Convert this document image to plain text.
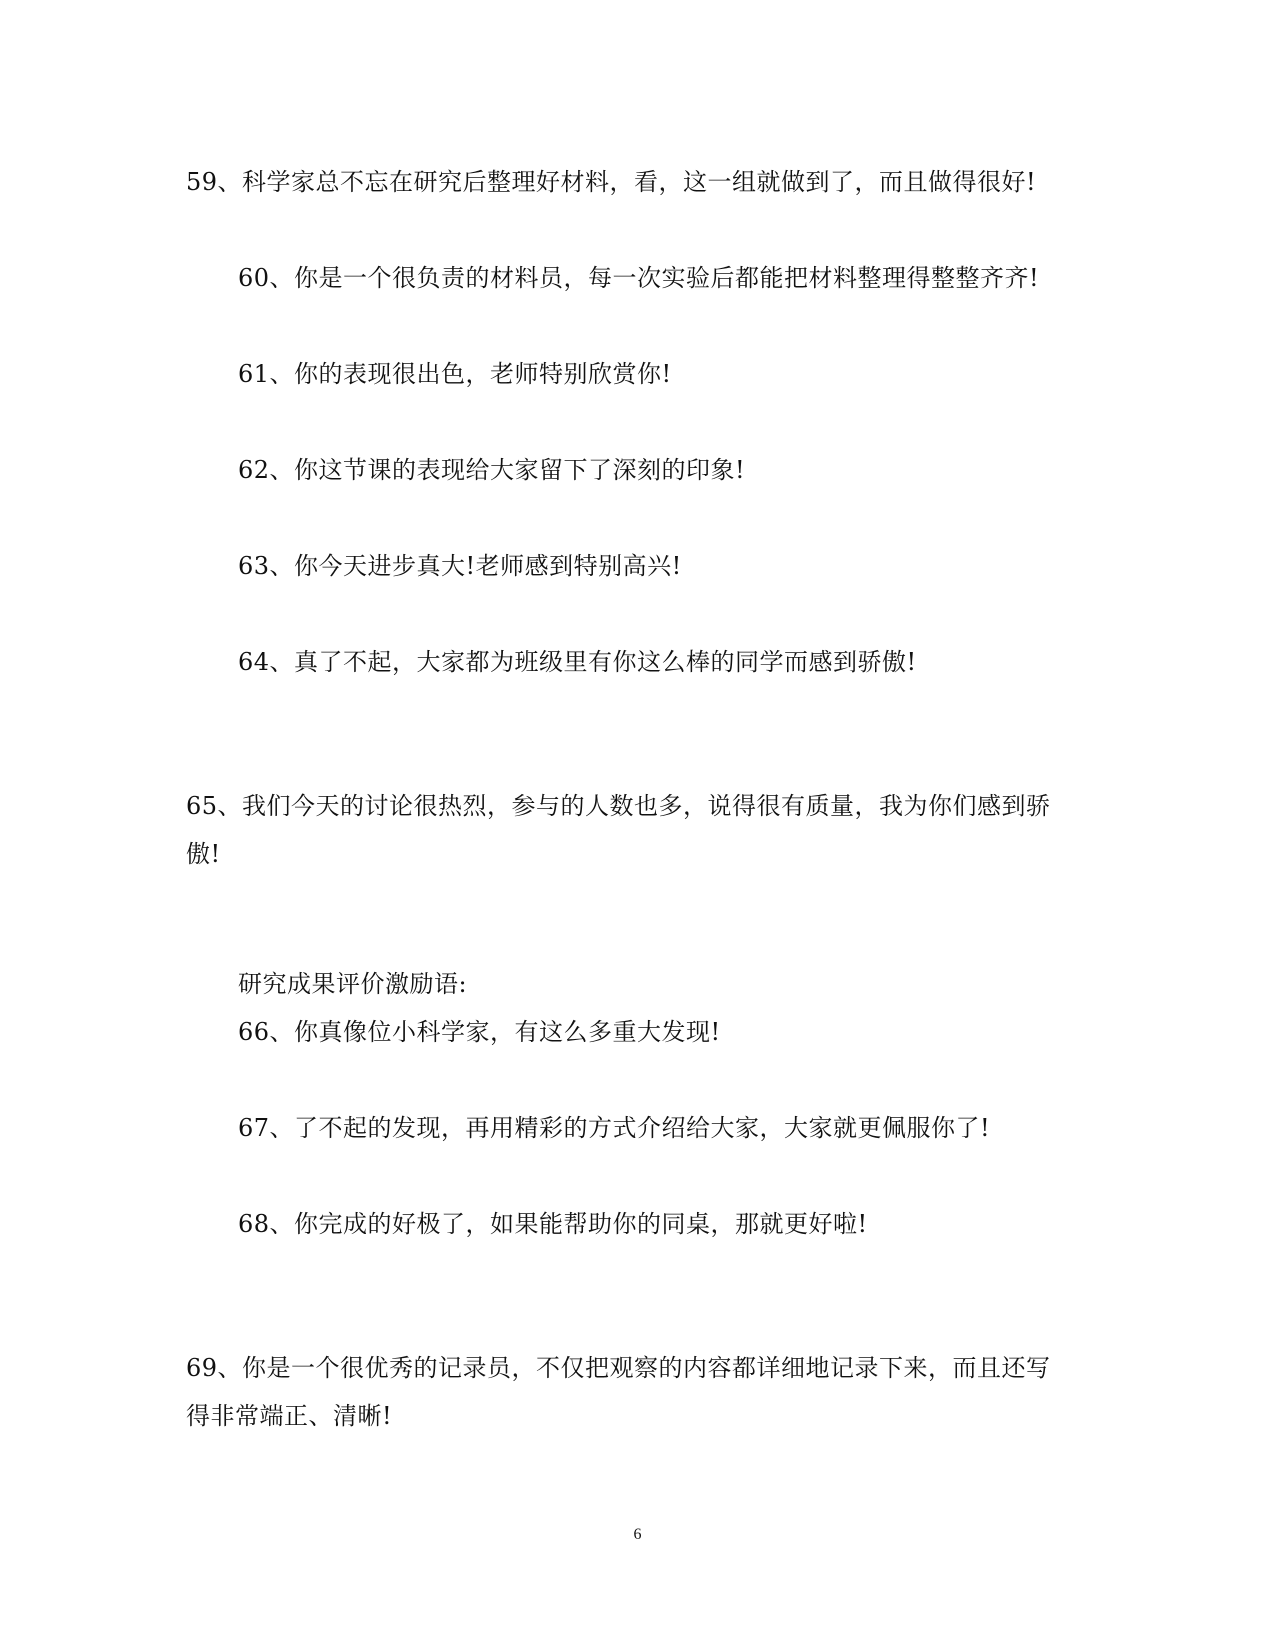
59、科学家总不忘在研究后整理好材料，看，这一组就做到了，而且做得很好!
60、你是一个很负责的材料员，每一次实验后都能把材料整理得整整齐齐!
61、你的表现很出色，老师特别欣赏你!
62、你这节课的表现给大家留下了深刻的印象!
63、你今天进步真大!老师感到特别高兴!
64、真了不起，大家都为班级里有你这么棒的同学而感到骄傲!
65、我们今天的讨论很热烈，参与的人数也多，说得很有质量，我为你们感到骄傲!
研究成果评价激励语:
66、你真像位小科学家，有这么多重大发现!
67、了不起的发现，再用精彩的方式介绍给大家，大家就更佩服你了!
68、你完成的好极了，如果能帮助你的同桌，那就更好啦!
69、你是一个很优秀的记录员，不仅把观察的内容都详细地记录下来，而且还写得非常端正、清晰!
6
